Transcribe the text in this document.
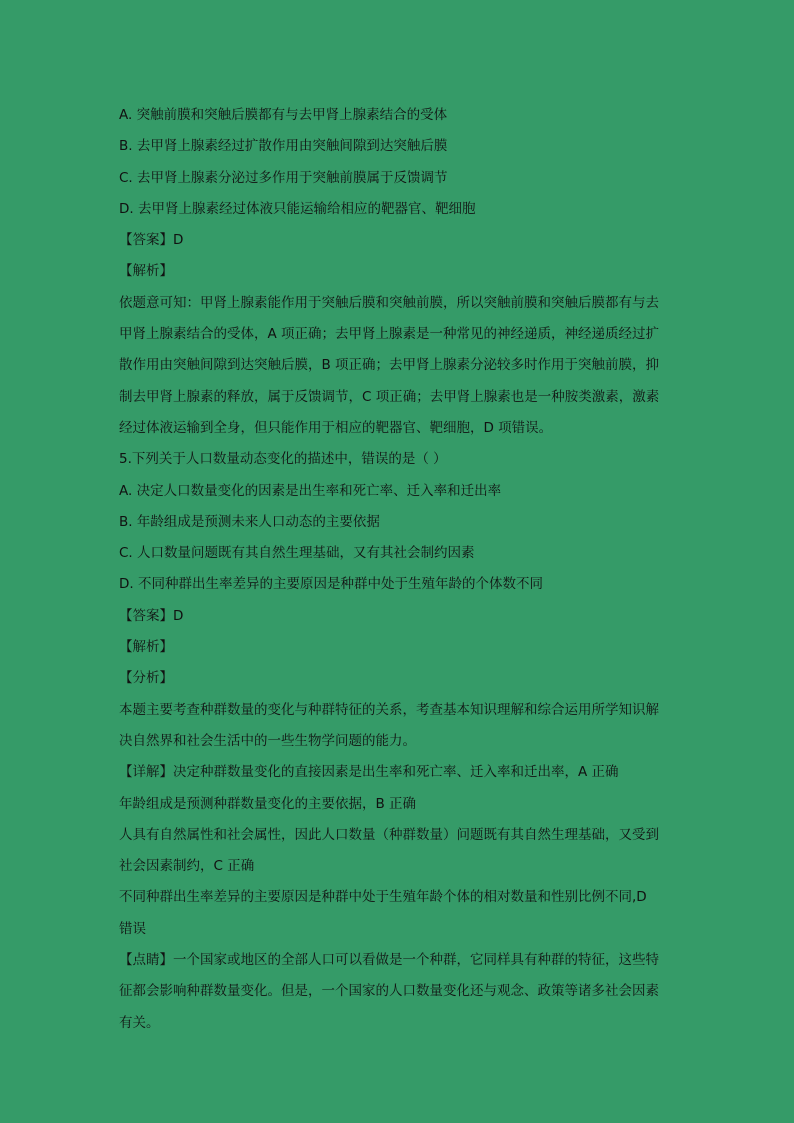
A. 突触前膜和突触后膜都有与去甲肾上腺素结合的受体
B. 去甲肾上腺素经过扩散作用由突触间隙到达突触后膜
C. 去甲肾上腺素分泌过多作用于突触前膜属于反馈调节
D. 去甲肾上腺素经过体液只能运输给相应的靶器官、靶细胞
【答案】D
【解析】
依题意可知：甲肾上腺素能作用于突触后膜和突触前膜，所以突触前膜和突触后膜都有与去
甲肾上腺素结合的受体，A 项正确；去甲肾上腺素是一种常见的神经递质，神经递质经过扩
散作用由突触间隙到达突触后膜，B 项正确；去甲肾上腺素分泌较多时作用于突触前膜，抑
制去甲肾上腺素的释放，属于反馈调节，C 项正确；去甲肾上腺素也是一种胺类激素，激素
经过体液运输到全身，但只能作用于相应的靶器官、靶细胞，D 项错误。
5.下列关于人口数量动态变化的描述中，错误的是（ ）
A. 决定人口数量变化的因素是出生率和死亡率、迁入率和迁出率
B. 年龄组成是预测未来人口动态的主要依据
C. 人口数量问题既有其自然生理基础，又有其社会制约因素
D. 不同种群出生率差异的主要原因是种群中处于生殖年龄的个体数不同
【答案】D
【解析】
【分析】
本题主要考查种群数量的变化与种群特征的关系，考查基本知识理解和综合运用所学知识解
决自然界和社会生活中的一些生物学问题的能力。
【详解】决定种群数量变化的直接因素是出生率和死亡率、迁入率和迁出率，A 正确
年龄组成是预测种群数量变化的主要依据，B 正确
人具有自然属性和社会属性，因此人口数量（种群数量）问题既有其自然生理基础，又受到
社会因素制约，C 正确
不同种群出生率差异的主要原因是种群中处于生殖年龄个体的相对数量和性别比例不同,D
错误
【点睛】一个国家或地区的全部人口可以看做是一个种群，它同样具有种群的特征，这些特
征都会影响种群数量变化。但是，一个国家的人口数量变化还与观念、政策等诸多社会因素
有关。
